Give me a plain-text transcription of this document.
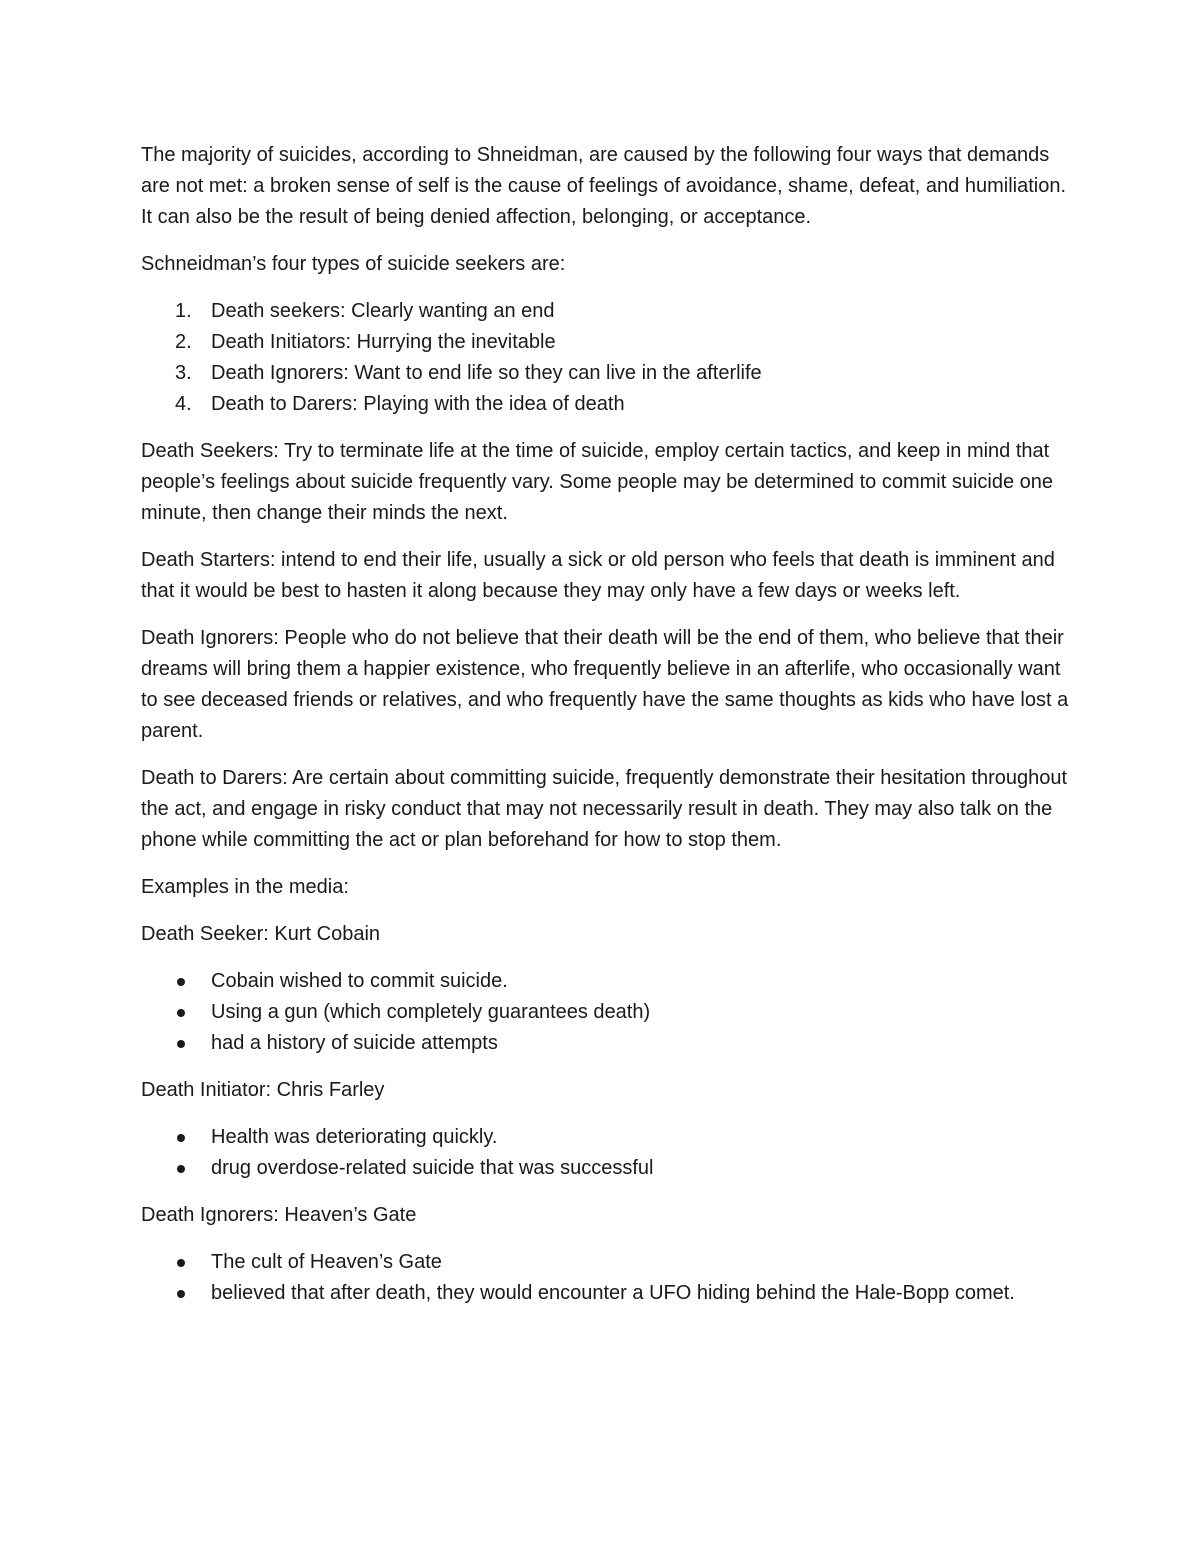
The majority of suicides, according to Shneidman, are caused by the following four ways that demands are not met: a broken sense of self is the cause of feelings of avoidance, shame, defeat, and humiliation. It can also be the result of being denied affection, belonging, or acceptance.

Schneidman’s four types of suicide seekers are:

1. Death seekers: Clearly wanting an end
2. Death Initiators: Hurrying the inevitable
3. Death Ignorers: Want to end life so they can live in the afterlife
4. Death to Darers: Playing with the idea of death

Death Seekers: Try to terminate life at the time of suicide, employ certain tactics, and keep in mind that people’s feelings about suicide frequently vary. Some people may be determined to commit suicide one minute, then change their minds the next.

Death Starters: intend to end their life, usually a sick or old person who feels that death is imminent and that it would be best to hasten it along because they may only have a few days or weeks left.

Death Ignorers: People who do not believe that their death will be the end of them, who believe that their dreams will bring them a happier existence, who frequently believe in an afterlife, who occasionally want to see deceased friends or relatives, and who frequently have the same thoughts as kids who have lost a parent.

Death to Darers: Are certain about committing suicide, frequently demonstrate their hesitation throughout the act, and engage in risky conduct that may not necessarily result in death. They may also talk on the phone while committing the act or plan beforehand for how to stop them.

Examples in the media:

Death Seeker: Kurt Cobain

Cobain wished to commit suicide.
Using a gun (which completely guarantees death)
had a history of suicide attempts

Death Initiator: Chris Farley

Health was deteriorating quickly.
drug overdose-related suicide that was successful

Death Ignorers: Heaven’s Gate

The cult of Heaven’s Gate
believed that after death, they would encounter a UFO hiding behind the Hale-Bopp comet.
